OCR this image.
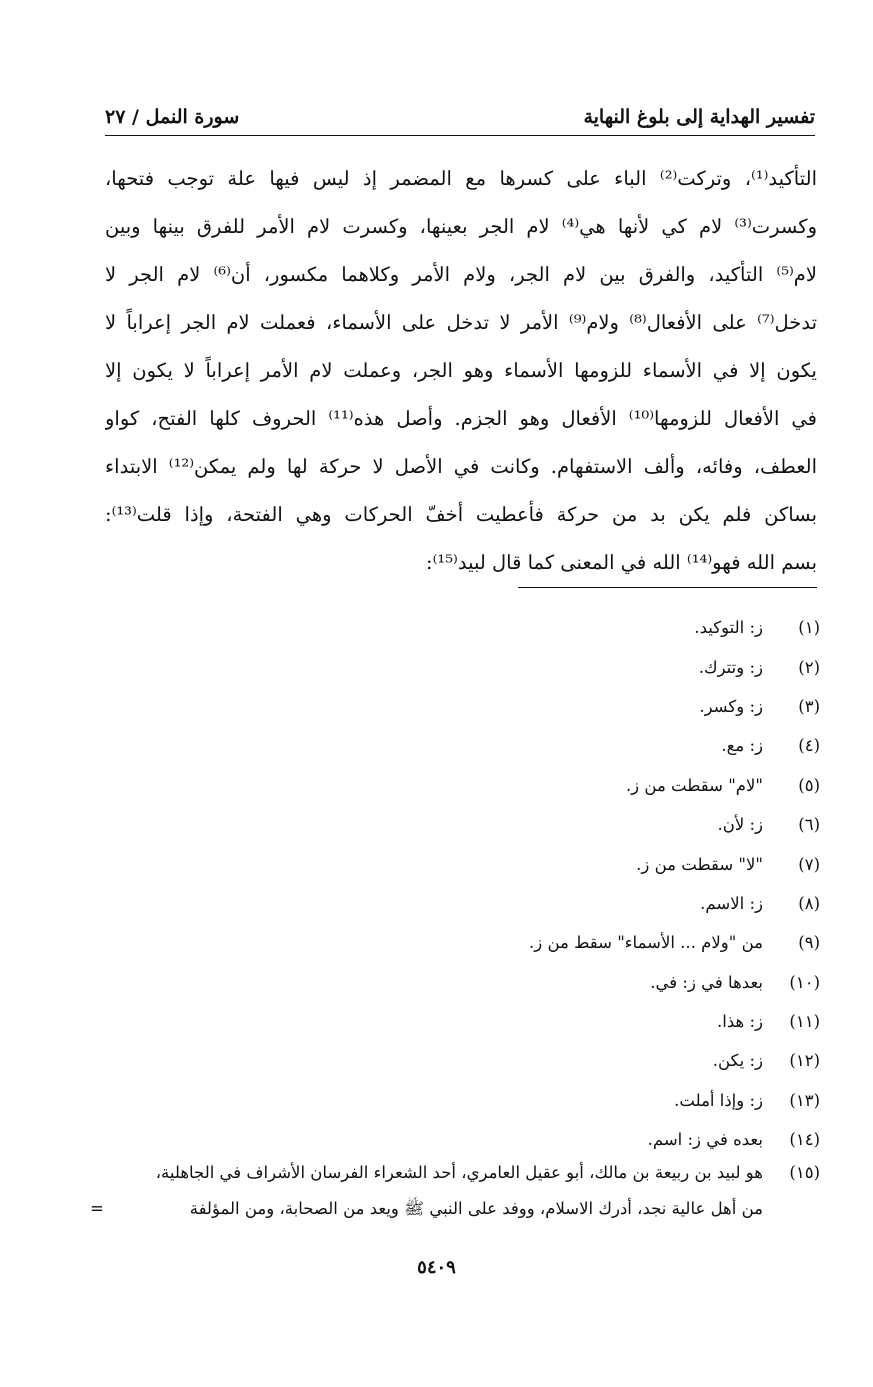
تفسير الهداية إلى بلوغ النهاية
سورة النمل / ٢٧
التأكيد⁽¹⁾، وتركت⁽²⁾ الباء على كسرها مع المضمر إذ ليس فيها علة توجب فتحها،
وكسرت⁽³⁾ لام كي لأنها هي⁽⁴⁾ لام الجر بعينها، وكسرت لام الأمر للفرق بينها وبين
لام⁽⁵⁾ التأكيد، والفرق بين لام الجر، ولام الأمر وكلاهما مكسور، أن⁽⁶⁾ لام الجر لا
تدخل⁽⁷⁾ على الأفعال⁽⁸⁾ ولام⁽⁹⁾ الأمر لا تدخل على الأسماء، فعملت لام الجر إعراباً لا
يكون إلا في الأسماء للزومها الأسماء وهو الجر، وعملت لام الأمر إعراباً لا يكون إلا
في الأفعال للزومها⁽¹⁰⁾ الأفعال وهو الجزم. وأصل هذه⁽¹¹⁾ الحروف كلها الفتح، كواو
العطف، وفائه، وألف الاستفهام. وكانت في الأصل لا حركة لها ولم يمكن⁽¹²⁾ الابتداء
بساكن فلم يكن بد من حركة فأعطيت أخفّ الحركات وهي الفتحة، وإذا قلت⁽¹³⁾:
بسم الله فهو⁽¹⁴⁾ الله في المعنى كما قال لبيد⁽¹⁵⁾:
(١)
ز: التوكيد.
(٢)
ز: وتترك.
(٣)
ز: وكسر.
(٤)
ز: مع.
(٥)
"لام" سقطت من ز.
(٦)
ز: لأن.
(٧)
"لا" سقطت من ز.
(٨)
ز: الاسم.
(٩)
من "ولام ... الأسماء" سقط من ز.
(١٠)
بعدها في ز: في.
(١١)
ز: هذا.
(١٢)
ز: يكن.
(١٣)
ز: وإذا أملت.
(١٤)
بعده في ز: اسم.
(١٥)
هو لبيد بن ربيعة بن مالك، أبو عقيل العامري، أحد الشعراء الفرسان الأشراف في الجاهلية،
من أهل عالية نجد، أدرك الاسلام، ووفد على النبي ﷺ ويعد من الصحابة، ومن المؤلفة
=
٥٤٠٩
